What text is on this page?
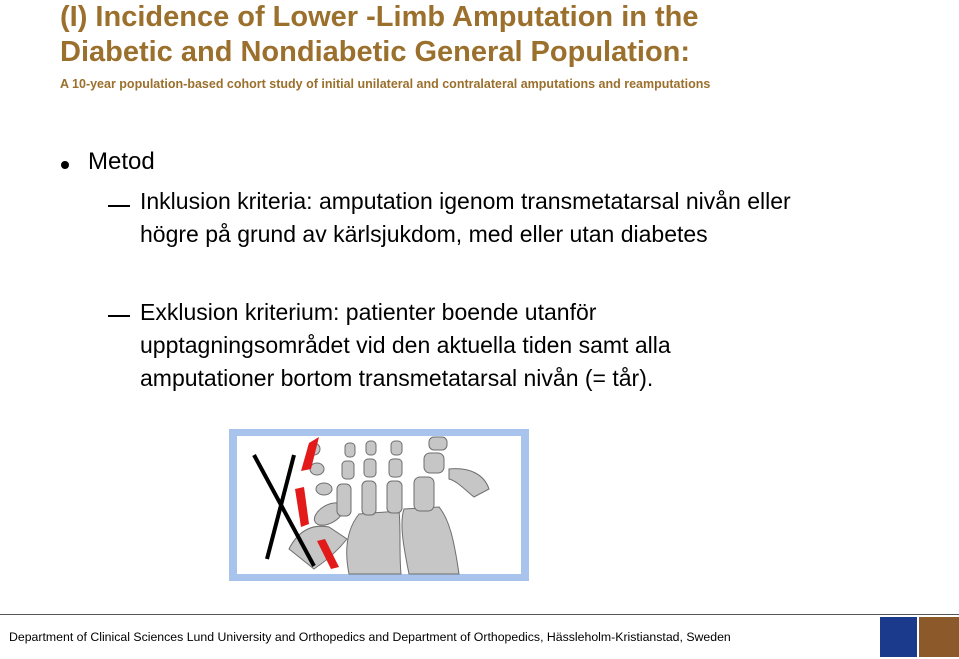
(I) Incidence of Lower -Limb Amputation in the
Diabetic and Nondiabetic General Population:
A 10-year population-based cohort study of initial unilateral and contralateral amputations and reamputations
Metod
Inklusion kriteria: amputation igenom transmetatarsal nivån eller
högre på grund av kärlsjukdom, med eller utan diabetes
Exklusion kriterium: patienter boende utanför
upptagningsområdet vid den aktuella tiden samt alla
amputationer bortom transmetatarsal nivån (= tår).
Department of Clinical Sciences Lund University and Orthopedics and Department of Orthopedics, Hässleholm-Kristianstad, Sweden
